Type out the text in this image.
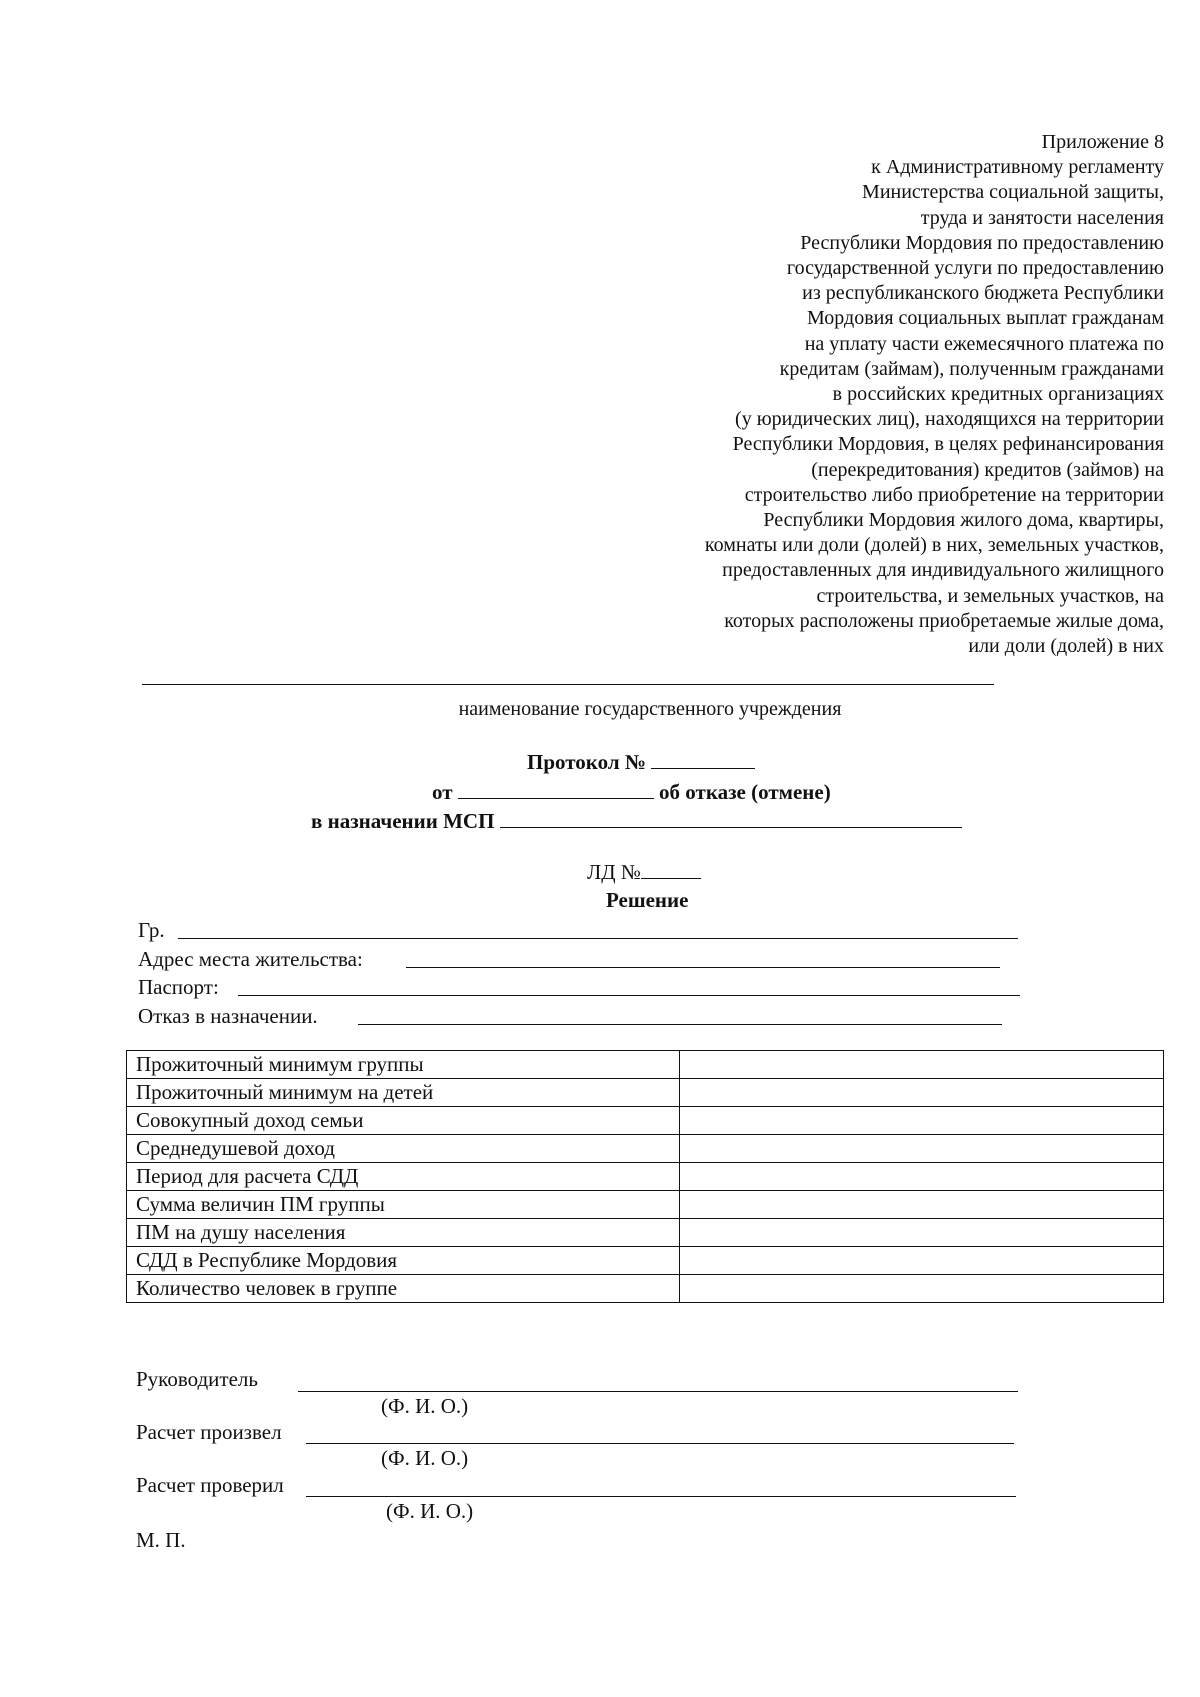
Приложение 8
к Административному регламенту
Министерства социальной защиты,
труда и занятости населения
Республики Мордовия по предоставлению
государственной услуги по предоставлению
из республиканского бюджета Республики
Мордовия социальных выплат гражданам
на уплату части ежемесячного платежа по
кредитам (займам), полученным гражданами
в российских кредитных организациях
(у юридических лиц), находящихся на территории
Республики Мордовия, в целях рефинансирования
(перекредитования) кредитов (займов) на
строительство либо приобретение на территории
Республики Мордовия жилого дома, квартиры,
комнаты или доли (долей) в них, земельных участков,
предоставленных для индивидуального жилищного
строительства, и земельных участков, на
которых расположены приобретаемые жилые дома,
или доли (долей) в них
наименование государственного учреждения
Протокол №
от	об отказе (отмене)
в назначении МСП
ЛД №
Решение
Гр.
Адрес места жительства:
Паспорт:
Отказ в назначении.
Прожиточный минимум группы	
Прожиточный минимум на детей	
Совокупный доход семьи	
Среднедушевой доход	
Период для расчета СДД	
Сумма величин ПМ группы	
ПМ на душу населения	
СДД в Республике Мордовия	
Количество человек в группе	
Руководитель
(Ф. И. О.)
Расчет произвел
(Ф. И. О.)
Расчет проверил
(Ф. И. О.)
М. П.
